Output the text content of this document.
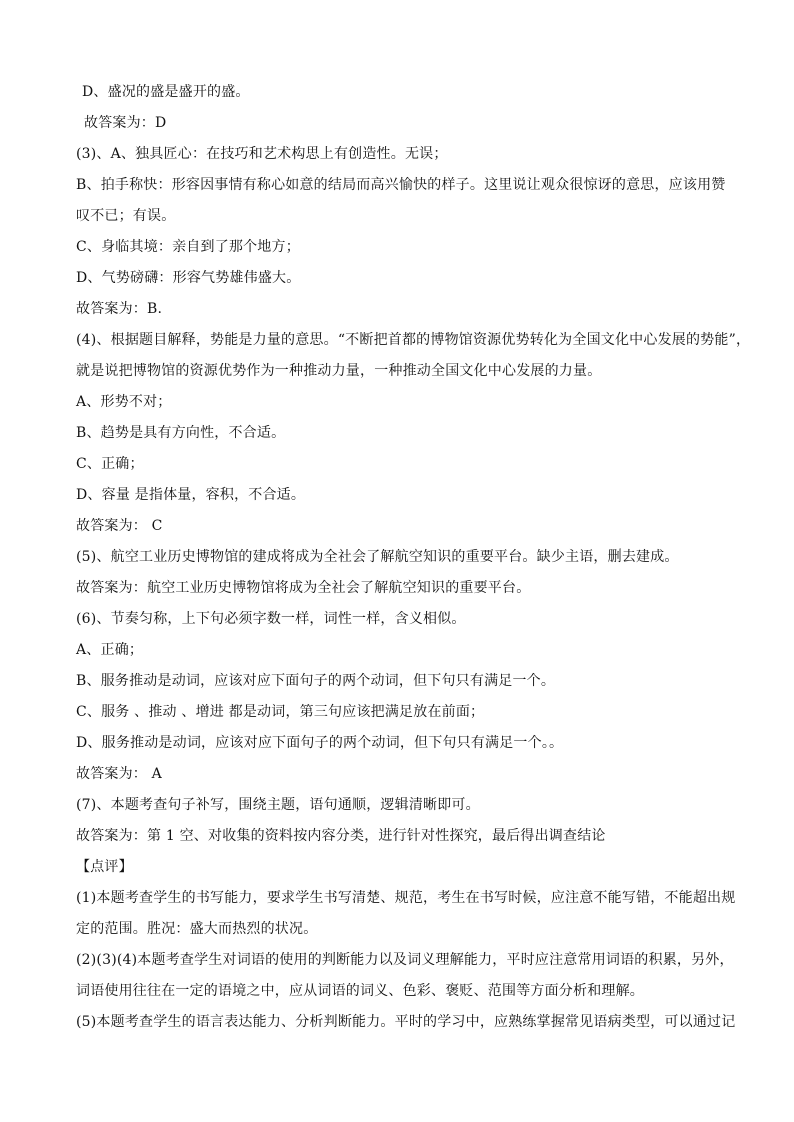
D、盛况的盛是盛开的盛。
故答案为：D
(3)、A、独具匠心：在技巧和艺术构思上有创造性。无误；
B、拍手称快：形容因事情有称心如意的结局而高兴愉快的样子。这里说让观众很惊讶的意思，应该用赞
叹不已；有误。
C、身临其境：亲自到了那个地方；
D、气势磅礴：形容气势雄伟盛大。
故答案为：B.
(4)、根据题目解释，势能是力量的意思。“不断把首都的博物馆资源优势转化为全国文化中心发展的势能”，
就是说把博物馆的资源优势作为一种推动力量，一种推动全国文化中心发展的力量。
A、形势不对；
B、趋势是具有方向性，不合适。
C、正确；
D、容量 是指体量，容积，不合适。
故答案为： C
(5)、航空工业历史博物馆的建成将成为全社会了解航空知识的重要平台。缺少主语，删去建成。
故答案为：航空工业历史博物馆将成为全社会了解航空知识的重要平台。
(6)、节奏匀称，上下句必须字数一样，词性一样，含义相似。
A、正确；
B、服务推动是动词，应该对应下面句子的两个动词，但下句只有满足一个。
C、服务 、推动 、增进 都是动词，第三句应该把满足放在前面；
D、服务推动是动词，应该对应下面句子的两个动词，但下句只有满足一个。。
故答案为： A
(7)、本题考查句子补写，围绕主题，语句通顺，逻辑清晰即可。
故答案为：第 1 空、对收集的资料按内容分类，进行针对性探究，最后得出调查结论
【点评】
(1)本题考查学生的书写能力，要求学生书写清楚、规范，考生在书写时候，应注意不能写错，不能超出规
定的范围。胜况：盛大而热烈的状况。
(2)(3)(4)本题考查学生对词语的使用的判断能力以及词义理解能力，平时应注意常用词语的积累，另外，
词语使用往往在一定的语境之中，应从词语的词义、色彩、褒贬、范围等方面分析和理解。
(5)本题考查学生的语言表达能力、分析判断能力。平时的学习中，应熟练掌握常见语病类型，可以通过记
